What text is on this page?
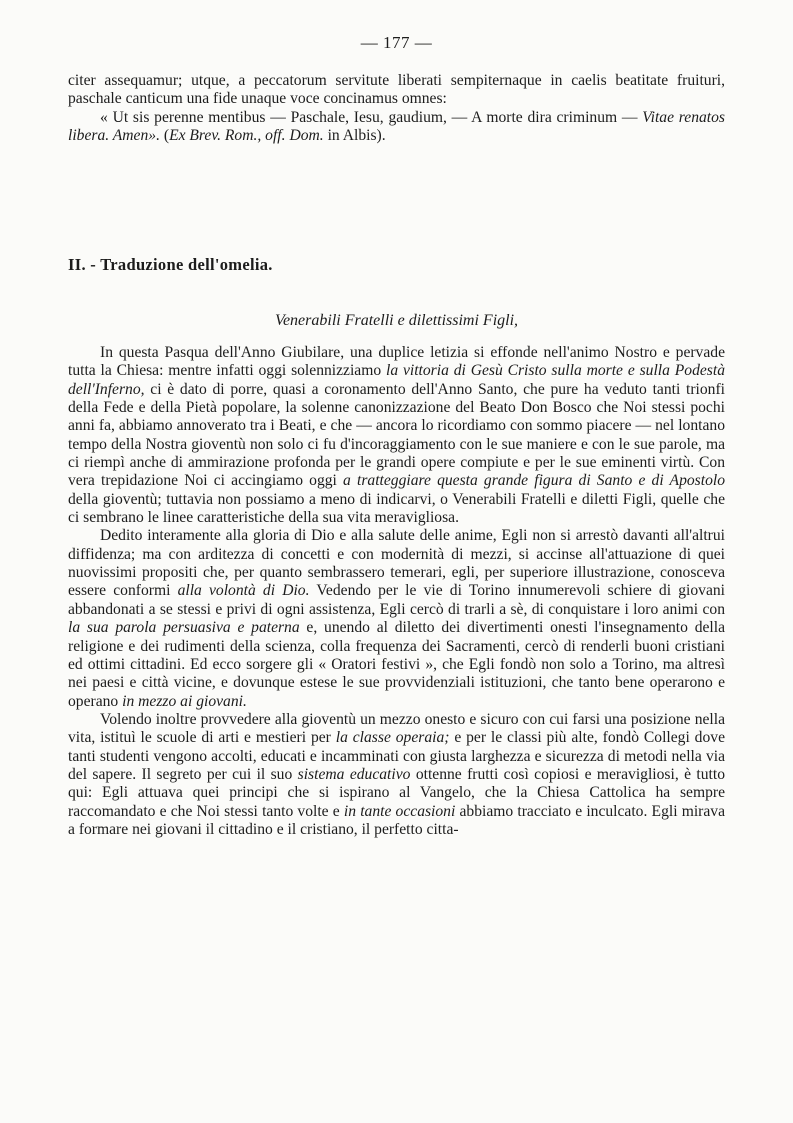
— 177 —

citer assequamur; utque, a peccatorum servitute liberati sempiternaque in caelis beatitate fruituri, paschale canticum una fide unaque voce concinamus omnes:

« Ut sis perenne mentibus — Paschale, Iesu, gaudium, — A morte dira criminum — Vitae renatos libera. Amen». (Ex Brev. Rom., off. Dom. in Albis).

II. - Traduzione dell'omelia.

Venerabili Fratelli e dilettissimi Figli,

In questa Pasqua dell'Anno Giubilare, una duplice letizia si effonde nell'animo Nostro e pervade tutta la Chiesa: mentre infatti oggi solennizziamo la vittoria di Gesù Cristo sulla morte e sulla Podestà dell'Inferno, ci è dato di porre, quasi a coronamento dell'Anno Santo, che pure ha veduto tanti trionfi della Fede e della Pietà popolare, la solenne canonizzazione del Beato Don Bosco che Noi stessi pochi anni fa, abbiamo annoverato tra i Beati, e che — ancora lo ricordiamo con sommo piacere — nel lontano tempo della Nostra gioventù non solo ci fu d'incoraggiamento con le sue maniere e con le sue parole, ma ci riempì anche di ammirazione profonda per le grandi opere compiute e per le sue eminenti virtù. Con vera trepidazione Noi ci accingiamo oggi a tratteggiare questa grande figura di Santo e di Apostolo della gioventù; tuttavia non possiamo a meno di indicarvi, o Venerabili Fratelli e diletti Figli, quelle che ci sembrano le linee caratteristiche della sua vita meravigliosa.

Dedito interamente alla gloria di Dio e alla salute delle anime, Egli non si arrestò davanti all'altrui diffidenza; ma con arditezza di concetti e con modernità di mezzi, si accinse all'attuazione di quei nuovissimi propositi che, per quanto sembrassero temerari, egli, per superiore illustrazione, conosceva essere conformi alla volontà di Dio. Vedendo per le vie di Torino innumerevoli schiere di giovani abbandonati a se stessi e privi di ogni assistenza, Egli cercò di trarli a sè, di conquistare i loro animi con la sua parola persuasiva e paterna e, unendo al diletto dei divertimenti onesti l'insegnamento della religione e dei rudimenti della scienza, colla frequenza dei Sacramenti, cercò di renderli buoni cristiani ed ottimi cittadini. Ed ecco sorgere gli « Oratori festivi », che Egli fondò non solo a Torino, ma altresì nei paesi e città vicine, e dovunque estese le sue provvidenziali istituzioni, che tanto bene operarono e operano in mezzo ai giovani.

Volendo inoltre provvedere alla gioventù un mezzo onesto e sicuro con cui farsi una posizione nella vita, istituì le scuole di arti e mestieri per la classe operaia; e per le classi più alte, fondò Collegi dove tanti studenti vengono accolti, educati e incamminati con giusta larghezza e sicurezza di metodi nella via del sapere. Il segreto per cui il suo sistema educativo ottenne frutti così copiosi e meravigliosi, è tutto qui: Egli attuava quei principi che si ispirano al Vangelo, che la Chiesa Cattolica ha sempre raccomandato e che Noi stessi tanto volte e in tante occasioni abbiamo tracciato e inculcato. Egli mirava a formare nei giovani il cittadino e il cristiano, il perfetto citta-
